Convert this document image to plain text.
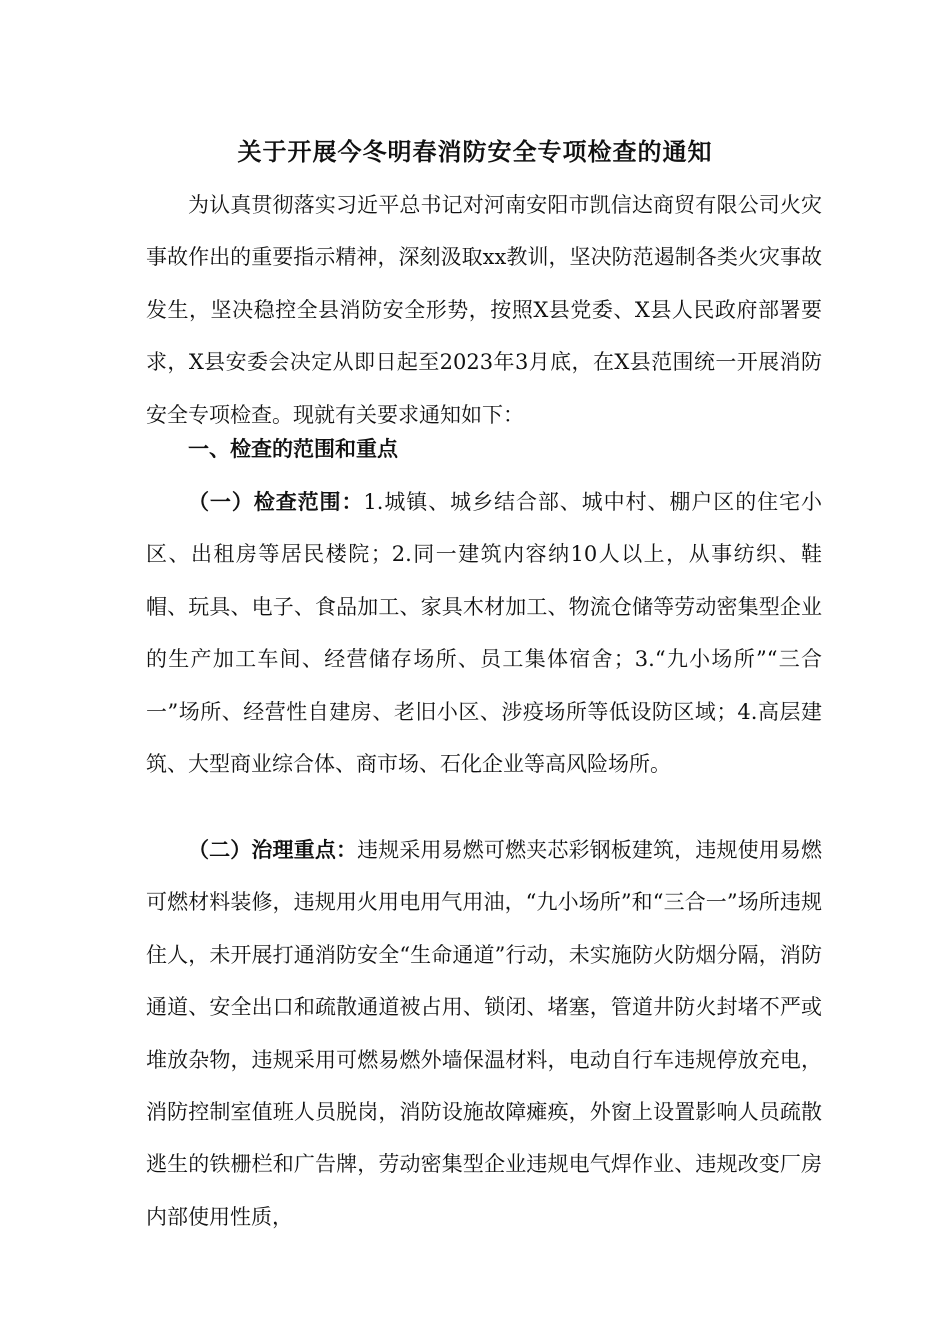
关于开展今冬明春消防安全专项检查的通知
为认真贯彻落实习近平总书记对河南安阳市凯信达商贸有限公司火灾事故作出的重要指示精神，深刻汲取xx教训，坚决防范遏制各类火灾事故发生，坚决稳控全县消防安全形势，按照X县党委、X县人民政府部署要求，X县安委会决定从即日起至2023年3月底，在X县范围统一开展消防安全专项检查。现就有关要求通知如下：
一、检查的范围和重点
（一）检查范围：1.城镇、城乡结合部、城中村、棚户区的住宅小区、出租房等居民楼院；2.同一建筑内容纳10人以上，从事纺织、鞋帽、玩具、电子、食品加工、家具木材加工、物流仓储等劳动密集型企业的生产加工车间、经营储存场所、员工集体宿舍；3.“九小场所”“三合一”场所、经营性自建房、老旧小区、涉疫场所等低设防区域；4.高层建筑、大型商业综合体、商市场、石化企业等高风险场所。
（二）治理重点：违规采用易燃可燃夹芯彩钢板建筑，违规使用易燃可燃材料装修，违规用火用电用气用油，“九小场所”和“三合一”场所违规住人，未开展打通消防安全“生命通道”行动，未实施防火防烟分隔，消防通道、安全出口和疏散通道被占用、锁闭、堵塞，管道井防火封堵不严或堆放杂物，违规采用可燃易燃外墙保温材料，电动自行车违规停放充电，消防控制室值班人员脱岗，消防设施故障瘫痪，外窗上设置影响人员疏散逃生的铁栅栏和广告牌，劳动密集型企业违规电气焊作业、违规改变厂房内部使用性质，
